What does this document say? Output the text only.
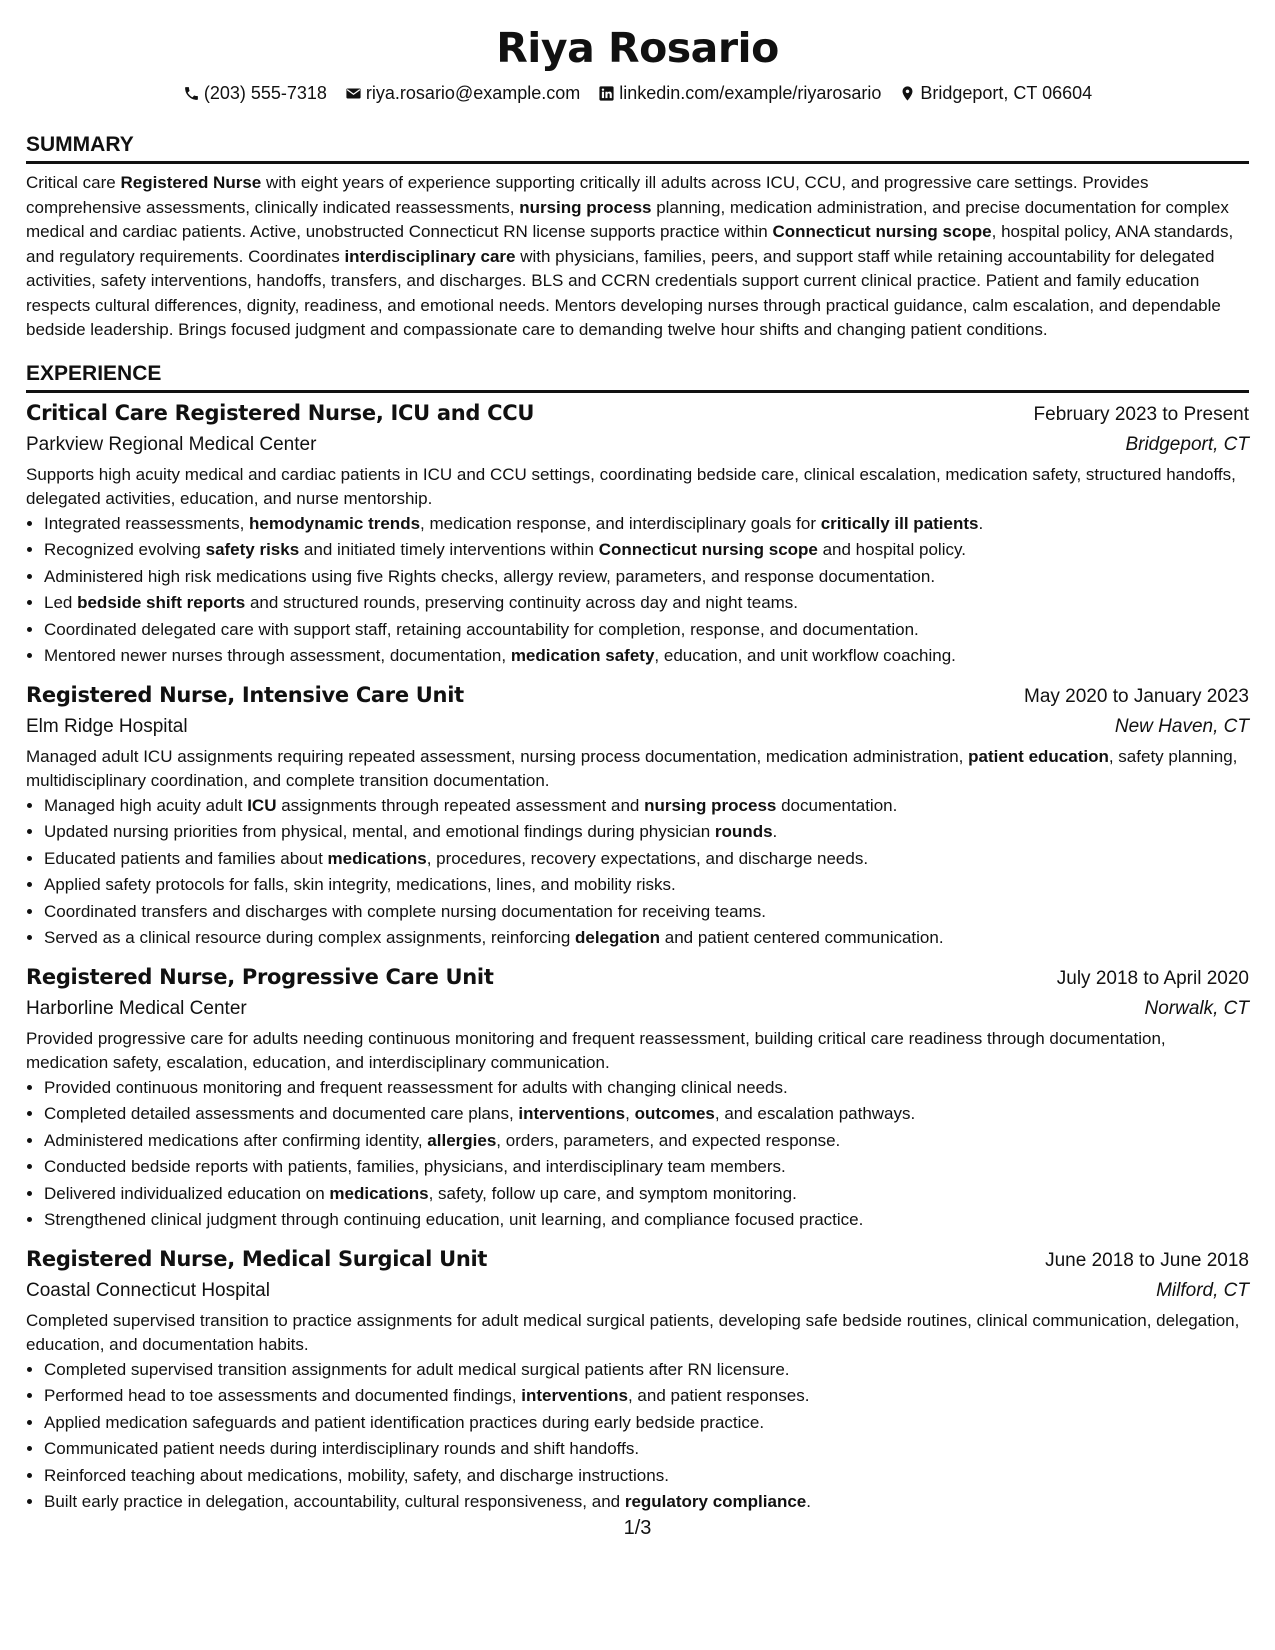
Riya Rosario
(203) 555-7318 riya.rosario@example.com linkedin.com/example/riyarosario Bridgeport, CT 06604
SUMMARY

Critical care Registered Nurse with eight years of experience supporting critically ill adults across ICU, CCU, and progressive care settings. Provides comprehensive assessments, clinically indicated reassessments, nursing process planning, medication administration, and precise documentation for complex medical and cardiac patients. Active, unobstructed Connecticut RN license supports practice within Connecticut nursing scope, hospital policy, ANA standards, and regulatory requirements. Coordinates interdisciplinary care with physicians, families, peers, and support staff while retaining accountability for delegated activities, safety interventions, handoffs, transfers, and discharges. BLS and CCRN credentials support current clinical practice. Patient and family education respects cultural differences, dignity, readiness, and emotional needs. Mentors developing nurses through practical guidance, calm escalation, and dependable bedside leadership. Brings focused judgment and compassionate care to demanding twelve hour shifts and changing patient conditions.

EXPERIENCE
Critical Care Registered Nurse, ICU and CCU	February 2023 to Present
Parkview Regional Medical Center	Bridgeport, CT

Supports high acuity medical and cardiac patients in ICU and CCU settings, coordinating bedside care, clinical escalation, medication safety, structured handoffs, delegated activities, education, and nurse mentorship.

• Integrated reassessments, hemodynamic trends, medication response, and interdisciplinary goals for critically ill patients.
• Recognized evolving safety risks and initiated timely interventions within Connecticut nursing scope and hospital policy.
• Administered high risk medications using five Rights checks, allergy review, parameters, and response documentation.
• Led bedside shift reports and structured rounds, preserving continuity across day and night teams.
• Coordinated delegated care with support staff, retaining accountability for completion, response, and documentation.
• Mentored newer nurses through assessment, documentation, medication safety, education, and unit workflow coaching.
Registered Nurse, Intensive Care Unit	May 2020 to January 2023
Elm Ridge Hospital	New Haven, CT

Managed adult ICU assignments requiring repeated assessment, nursing process documentation, medication administration, patient education, safety planning, multidisciplinary coordination, and complete transition documentation.

• Managed high acuity adult ICU assignments through repeated assessment and nursing process documentation.
• Updated nursing priorities from physical, mental, and emotional findings during physician rounds.
• Educated patients and families about medications, procedures, recovery expectations, and discharge needs.
• Applied safety protocols for falls, skin integrity, medications, lines, and mobility risks.
• Coordinated transfers and discharges with complete nursing documentation for receiving teams.
• Served as a clinical resource during complex assignments, reinforcing delegation and patient centered communication.
Registered Nurse, Progressive Care Unit	July 2018 to April 2020
Harborline Medical Center	Norwalk, CT

Provided progressive care for adults needing continuous monitoring and frequent reassessment, building critical care readiness through documentation, medication safety, escalation, education, and interdisciplinary communication.

• Provided continuous monitoring and frequent reassessment for adults with changing clinical needs.
• Completed detailed assessments and documented care plans, interventions, outcomes, and escalation pathways.
• Administered medications after confirming identity, allergies, orders, parameters, and expected response.
• Conducted bedside reports with patients, families, physicians, and interdisciplinary team members.
• Delivered individualized education on medications, safety, follow up care, and symptom monitoring.
• Strengthened clinical judgment through continuing education, unit learning, and compliance focused practice.
Registered Nurse, Medical Surgical Unit	June 2018 to June 2018
Coastal Connecticut Hospital	Milford, CT

Completed supervised transition to practice assignments for adult medical surgical patients, developing safe bedside routines, clinical communication, delegation, education, and documentation habits.

• Completed supervised transition assignments for adult medical surgical patients after RN licensure.
• Performed head to toe assessments and documented findings, interventions, and patient responses.
• Applied medication safeguards and patient identification practices during early bedside practice.
• Communicated patient needs during interdisciplinary rounds and shift handoffs.
• Reinforced teaching about medications, mobility, safety, and discharge instructions.
• Built early practice in delegation, accountability, cultural responsiveness, and regulatory compliance.
1/3
